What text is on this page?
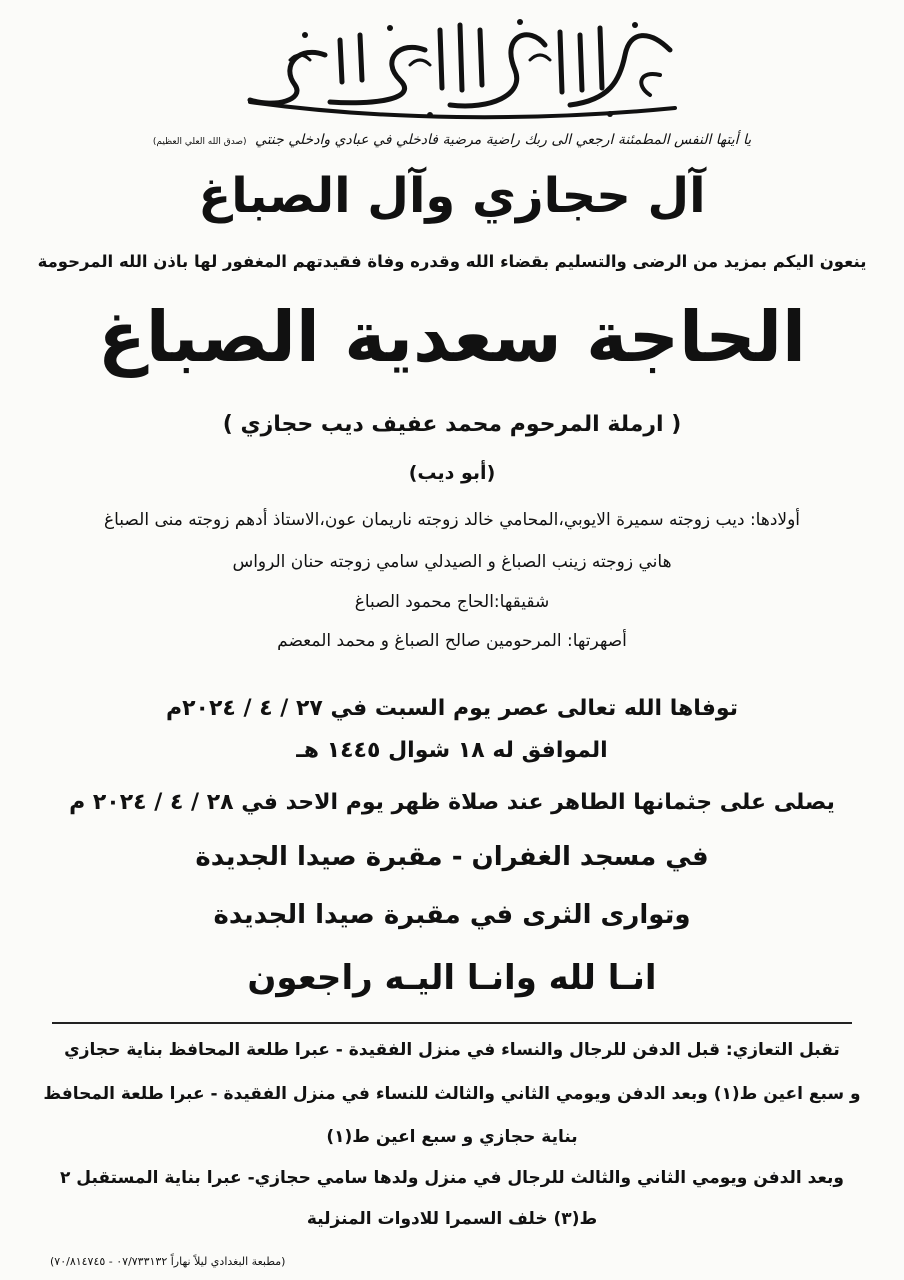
يا أيتها النفس المطمئنة ارجعي الى ربك راضية مرضية فادخلي في عبادي وادخلي جنتي (صدق الله العلي العظيم)
آل حجازي وآل الصباغ
ينعون اليكم بمزيد من الرضى والتسليم بقضاء الله وقدره وفاة فقيدتهم المغفور لها باذن الله المرحومة
الحاجة سعدية الصباغ
( ارملة المرحوم محمد عفيف ديب حجازي )
(أبو ديب)
أولادها: ديب زوجته سميرة الايوبي،المحامي خالد زوجته ناريمان عون،الاستاذ أدهم زوجته منى الصباغ
هاني زوجته زينب الصباغ و الصيدلي سامي زوجته حنان الرواس
شقيقها:الحاج محمود الصباغ
أصهرتها: المرحومين صالح الصباغ و محمد المعضم
توفاها الله تعالى عصر يوم السبت في ٢٧ / ٤ / ٢٠٢٤م
الموافق له ١٨ شوال ١٤٤٥ هـ
يصلى على جثمانها الطاهر عند صلاة ظهر يوم الاحد في ٢٨ / ٤ / ٢٠٢٤ م
في مسجد الغفران - مقبرة صيدا الجديدة
وتوارى الثرى في مقبرة صيدا الجديدة
انـا لله وانـا اليـه راجعون
تقبل التعازي: قبل الدفن للرجال والنساء في منزل الفقيدة - عبرا طلعة المحافظ بناية حجازي
و سبع اعين ط(١) وبعد الدفن ويومي الثاني والثالث للنساء في منزل الفقيدة - عبرا طلعة المحافظ
بناية حجازي و سبع اعين ط(١)
وبعد الدفن ويومي الثاني والثالث للرجال في منزل ولدها سامي حجازي- عبرا بناية المستقبل ٢
ط(٣) خلف السمرا للادوات المنزلية
(مطبعة البغدادي ليلاً نهاراً ٠٧/٧٣٣١٣٢ - ٧٠/٨١٤٧٤٥)
